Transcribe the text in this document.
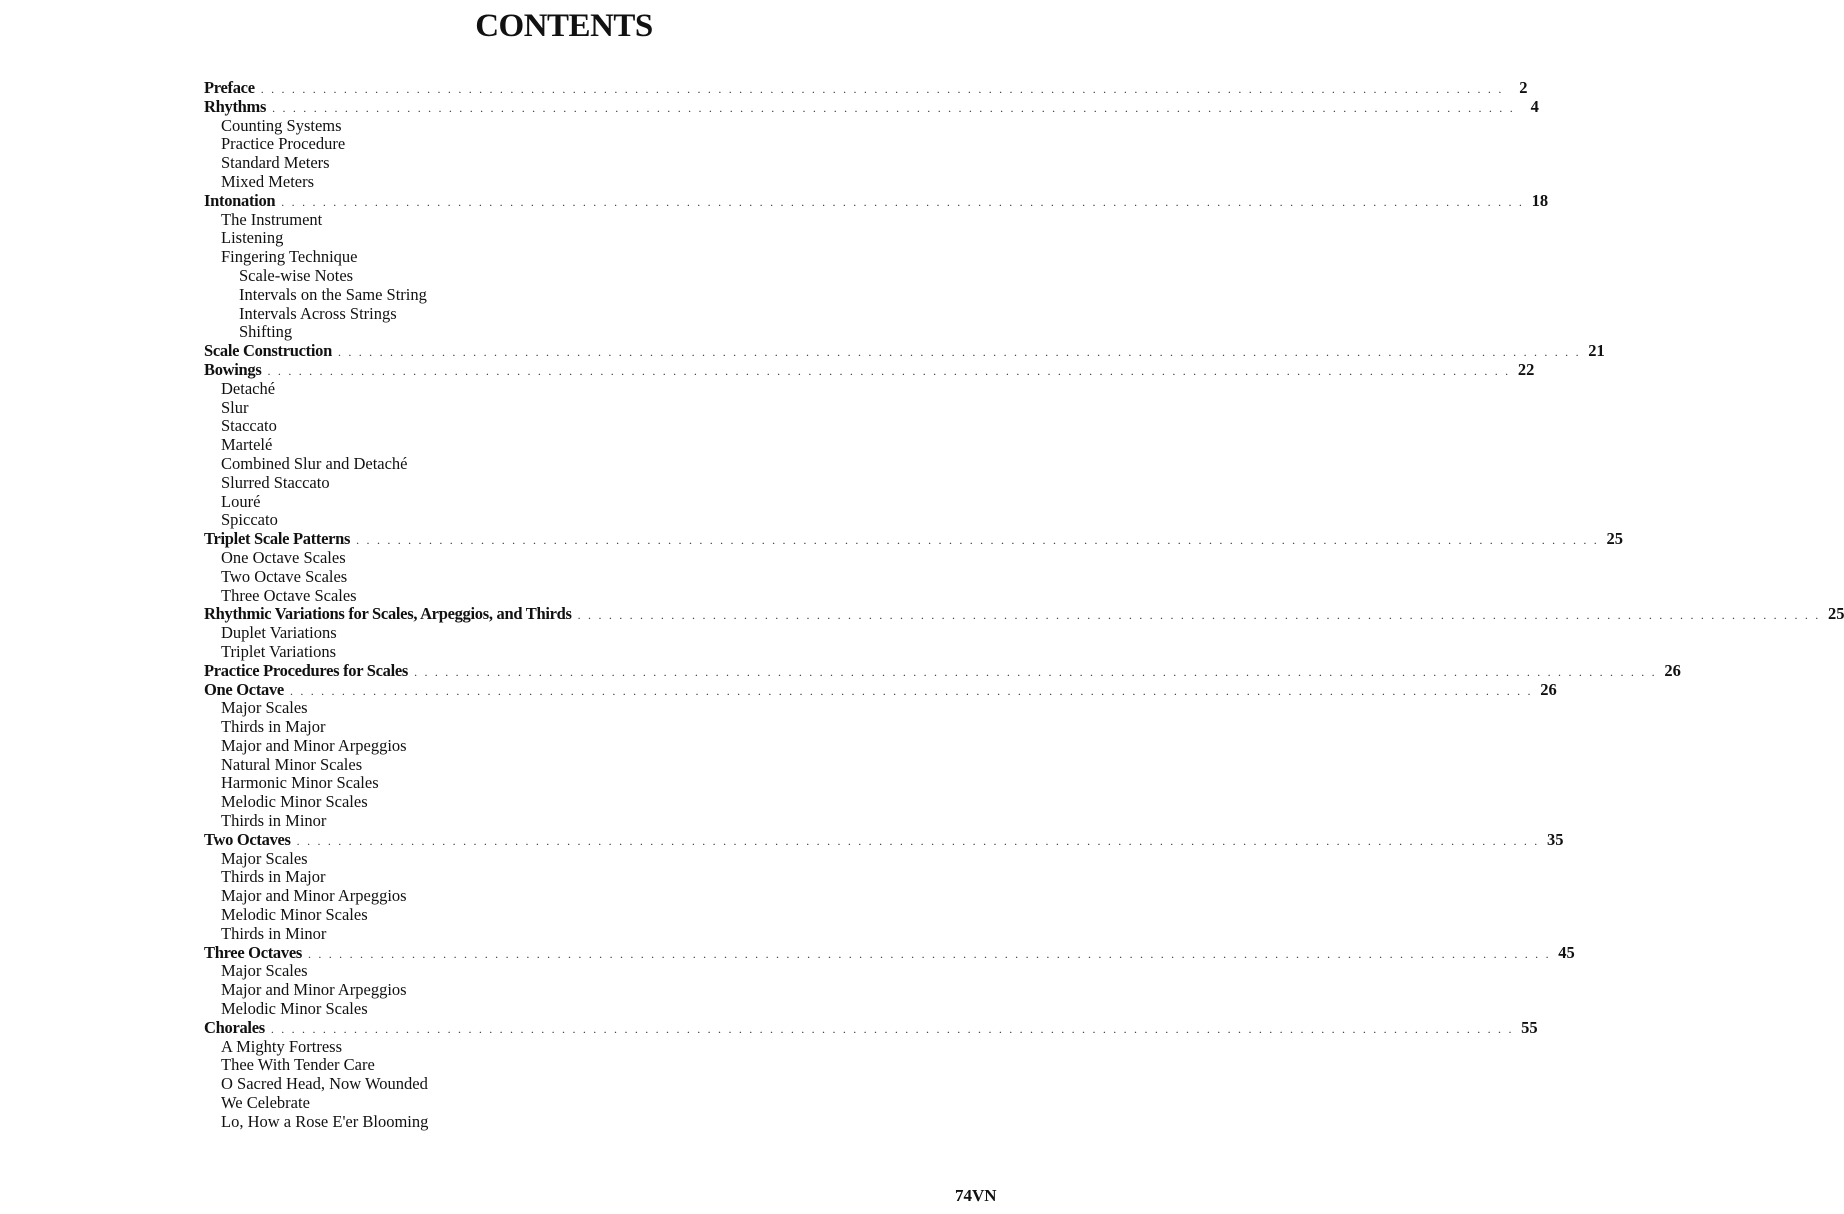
CONTENTS
Preface . . . . . . . . . . . . . . . . . . . . . . . . . . . . . . . . . . . . . . . . . . . . . . . . . . . . . . . . . . . . . . . . . . . . . . . . . . . . . . . . . . . . . . . . . . . . . . . . . . . . . . . . . . . . . . . . . . . . . . . . 2
Rhythms . . . . . . . . . . . . . . . . . . . . . . . . . . . . . . . . . . . . . . . . . . . . . . . . . . . . . . . . . . . . . . . . . . . . . . . . . . . . . . . . . . . . . . . . . . . . . . . . . . . . . . . . . . . . . . . . . . . . . . . . 4
Counting Systems
Practice Procedure
Standard Meters
Mixed Meters
Intonation . . . . . . . . . . . . . . . . . . . . . . . . . . . . . . . . . . . . . . . . . . . . . . . . . . . . . . . . . . . . . . . . . . . . . . . . . . . . . . . . . . . . . . . . . . . . . . . . . . . . . . . . . . . . . . . . . . . . . . . . 18
The Instrument
Listening
Fingering Technique
Scale-wise Notes
Intervals on the Same String
Intervals Across Strings
Shifting
Scale Construction . . . . . . . . . . . . . . . . . . . . . . . . . . . . . . . . . . . . . . . . . . . . . . . . . . . . . . . . . . . . . . . . . . . . . . . . . . . . . . . . . . . . . . . . . . . . . . . . . . . . . . . . . . . . . . . . . . . . . . . . 21
Bowings . . . . . . . . . . . . . . . . . . . . . . . . . . . . . . . . . . . . . . . . . . . . . . . . . . . . . . . . . . . . . . . . . . . . . . . . . . . . . . . . . . . . . . . . . . . . . . . . . . . . . . . . . . . . . . . . . . . . . . . . 22
Detaché
Slur
Staccato
Martelé
Combined Slur and Detaché
Slurred Staccato
Louré
Spiccato
Triplet Scale Patterns . . . . . . . . . . . . . . . . . . . . . . . . . . . . . . . . . . . . . . . . . . . . . . . . . . . . . . . . . . . . . . . . . . . . . . . . . . . . . . . . . . . . . . . . . . . . . . . . . . . . . . . . . . . . . . . . . . . . . . . . 25
One Octave Scales
Two Octave Scales
Three Octave Scales
Rhythmic Variations for Scales, Arpeggios, and Thirds . . . . . . . . . . . . . . . . . . . . . . . . . . . . . . . . . . . . . . . . . . . . . . . . . . . . . . . . . . . . . . . . . . . . . . . . . . . . . . . . . . . . . . . . . . . . . . . . . . . . . . . . . . . . . . . . . . . . . . . . 25
Duplet Variations
Triplet Variations
Practice Procedures for Scales . . . . . . . . . . . . . . . . . . . . . . . . . . . . . . . . . . . . . . . . . . . . . . . . . . . . . . . . . . . . . . . . . . . . . . . . . . . . . . . . . . . . . . . . . . . . . . . . . . . . . . . . . . . . . . . . . . . . . . . . 26
One Octave . . . . . . . . . . . . . . . . . . . . . . . . . . . . . . . . . . . . . . . . . . . . . . . . . . . . . . . . . . . . . . . . . . . . . . . . . . . . . . . . . . . . . . . . . . . . . . . . . . . . . . . . . . . . . . . . . . . . . . . . 26
Major Scales
Thirds in Major
Major and Minor Arpeggios
Natural Minor Scales
Harmonic Minor Scales
Melodic Minor Scales
Thirds in Minor
Two Octaves . . . . . . . . . . . . . . . . . . . . . . . . . . . . . . . . . . . . . . . . . . . . . . . . . . . . . . . . . . . . . . . . . . . . . . . . . . . . . . . . . . . . . . . . . . . . . . . . . . . . . . . . . . . . . . . . . . . . . . . . 35
Major Scales
Thirds in Major
Major and Minor Arpeggios
Melodic Minor Scales
Thirds in Minor
Three Octaves . . . . . . . . . . . . . . . . . . . . . . . . . . . . . . . . . . . . . . . . . . . . . . . . . . . . . . . . . . . . . . . . . . . . . . . . . . . . . . . . . . . . . . . . . . . . . . . . . . . . . . . . . . . . . . . . . . . . . . . . 45
Major Scales
Major and Minor Arpeggios
Melodic Minor Scales
Chorales . . . . . . . . . . . . . . . . . . . . . . . . . . . . . . . . . . . . . . . . . . . . . . . . . . . . . . . . . . . . . . . . . . . . . . . . . . . . . . . . . . . . . . . . . . . . . . . . . . . . . . . . . . . . . . . . . . . . . . . . 55
A Mighty Fortress
Thee With Tender Care
O Sacred Head, Now Wounded
We Celebrate
Lo, How a Rose E'er Blooming
74VN
